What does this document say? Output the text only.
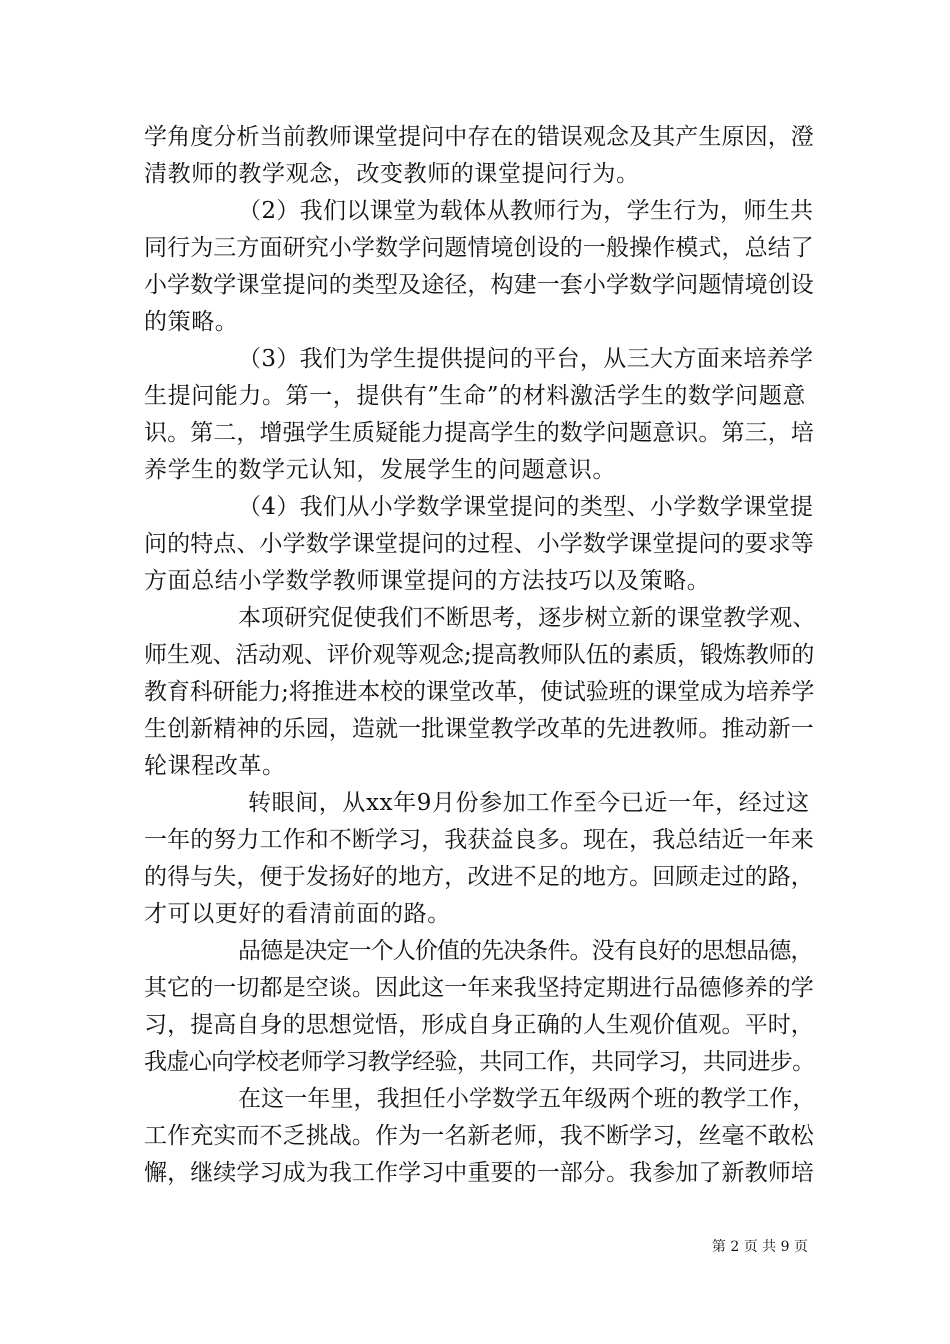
学角度分析当前教师课堂提问中存在的错误观念及其产生原因，澄
清教师的教学观念，改变教师的课堂提问行为。
（2）我们以课堂为载体从教师行为，学生行为，师生共
同行为三方面研究小学数学问题情境创设的一般操作模式，总结了
小学数学课堂提问的类型及途径，构建一套小学数学问题情境创设
的策略。
（3）我们为学生提供提问的平台，从三大方面来培养学
生提问能力。第一，提供有”生命”的材料激活学生的数学问题意
识。第二，增强学生质疑能力提高学生的数学问题意识。第三，培
养学生的数学元认知，发展学生的问题意识。
（4）我们从小学数学课堂提问的类型、小学数学课堂提
问的特点、小学数学课堂提问的过程、小学数学课堂提问的要求等
方面总结小学数学教师课堂提问的方法技巧以及策略。
本项研究促使我们不断思考，逐步树立新的课堂教学观、
师生观、活动观、评价观等观念;提高教师队伍的素质，锻炼教师的
教育科研能力;将推进本校的课堂改革，使试验班的课堂成为培养学
生创新精神的乐园，造就一批课堂教学改革的先进教师。推动新一
轮课程改革。
转眼间，从xx年9月份参加工作至今已近一年，经过这
一年的努力工作和不断学习，我获益良多。现在，我总结近一年来
的得与失，便于发扬好的地方，改进不足的地方。回顾走过的路，
才可以更好的看清前面的路。
品德是决定一个人价值的先决条件。没有良好的思想品德，
其它的一切都是空谈。因此这一年来我坚持定期进行品德修养的学
习，提高自身的思想觉悟，形成自身正确的人生观价值观。平时，
我虚心向学校老师学习教学经验，共同工作，共同学习，共同进步。
在这一年里，我担任小学数学五年级两个班的教学工作，
工作充实而不乏挑战。作为一名新老师，我不断学习，丝毫不敢松
懈，继续学习成为我工作学习中重要的一部分。我参加了新教师培
第 2 页 共 9 页
